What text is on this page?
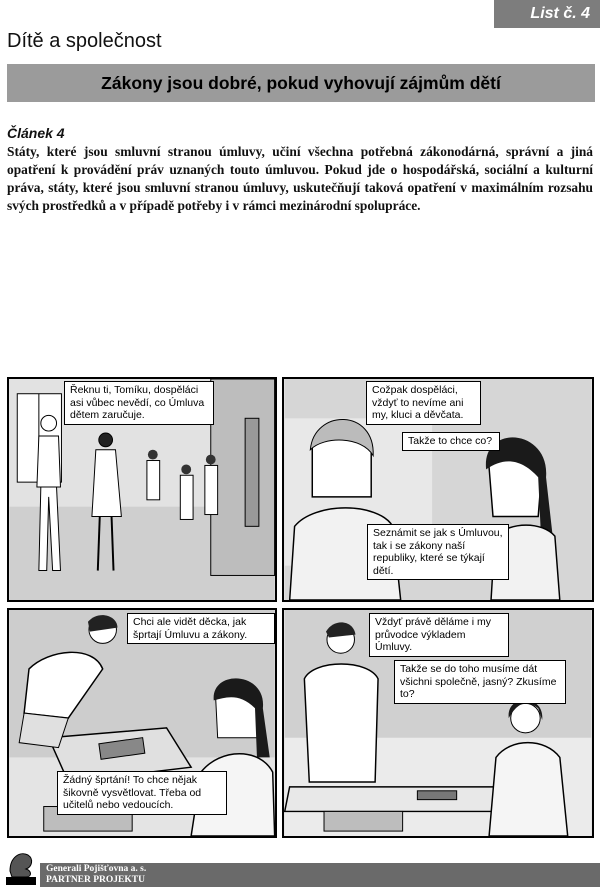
List č. 4
Dítě a společnost
Zákony jsou dobré, pokud vyhovují zájmům dětí
Článek 4
Státy, které jsou smluvní stranou úmluvy, učiní všechna potřebná zákonodárná, správní a jiná opatření k provádění práv uznaných touto úmluvou. Pokud jde o hospodářská, sociální a kulturní práva, státy, které jsou smluvní stranou úmluvy, uskutečňují taková opatření v maximálním rozsahu svých prostředků a v případě potřeby i v rámci mezinárodní spolupráce.
Řeknu ti, Tomíku, dospěláci asi vůbec nevědí, co Úmluva dětem zaručuje.
Cožpak dospěláci, vždyť to nevíme ani my, kluci a děvčata.
Takže to chce co?
Seznámit se jak s Úmluvou, tak i se zákony naší republiky, které se týkají dětí.
Chci ale vidět děcka, jak šprtají Úmluvu a zákony.
Žádný šprtání! To chce nějak šikovně vysvětlovat. Třeba od učitelů nebo vedoucích.
Vždyť právě děláme i my průvodce výkladem Úmluvy.
Takže se do toho musíme dát všichni společně, jasný? Zkusíme to?
Generali Pojišťovna a. s.
PARTNER PROJEKTU
